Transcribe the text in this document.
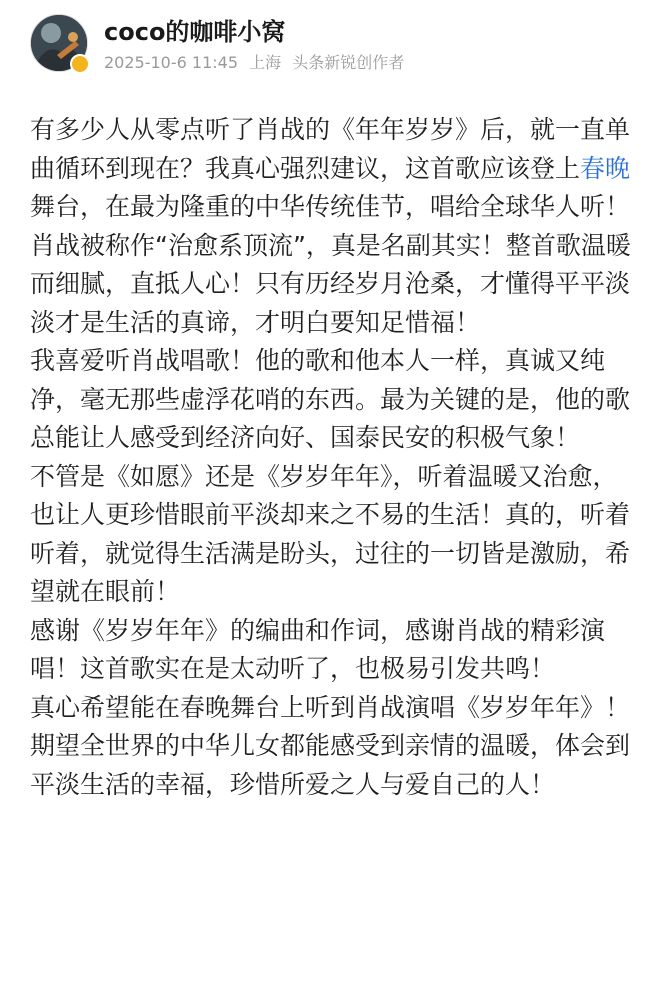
coco的咖啡小窝
2025-10-6 11:45 上海 头条新锐创作者

有多少人从零点听了肖战的《年年岁岁》后，就一直单曲循环到现在？我真心强烈建议，这首歌应该登上春晚舞台，在最为隆重的中华传统佳节，唱给全球华人听！

肖战被称作“治愈系顶流”，真是名副其实！整首歌温暖而细腻，直抵人心！只有历经岁月沧桑，才懂得平平淡淡才是生活的真谛，才明白要知足惜福！

我喜爱听肖战唱歌！他的歌和他本人一样，真诚又纯净，毫无那些虚浮花哨的东西。最为关键的是，他的歌总能让人感受到经济向好、国泰民安的积极气象！

不管是《如愿》还是《岁岁年年》，听着温暖又治愈，也让人更珍惜眼前平淡却来之不易的生活！真的，听着听着，就觉得生活满是盼头，过往的一切皆是激励，希望就在眼前！

感谢《岁岁年年》的编曲和作词，感谢肖战的精彩演唱！这首歌实在是太动听了，也极易引发共鸣！

真心希望能在春晚舞台上听到肖战演唱《岁岁年年》！期望全世界的中华儿女都能感受到亲情的温暖，体会到平淡生活的幸福，珍惜所爱之人与爱自己的人！
